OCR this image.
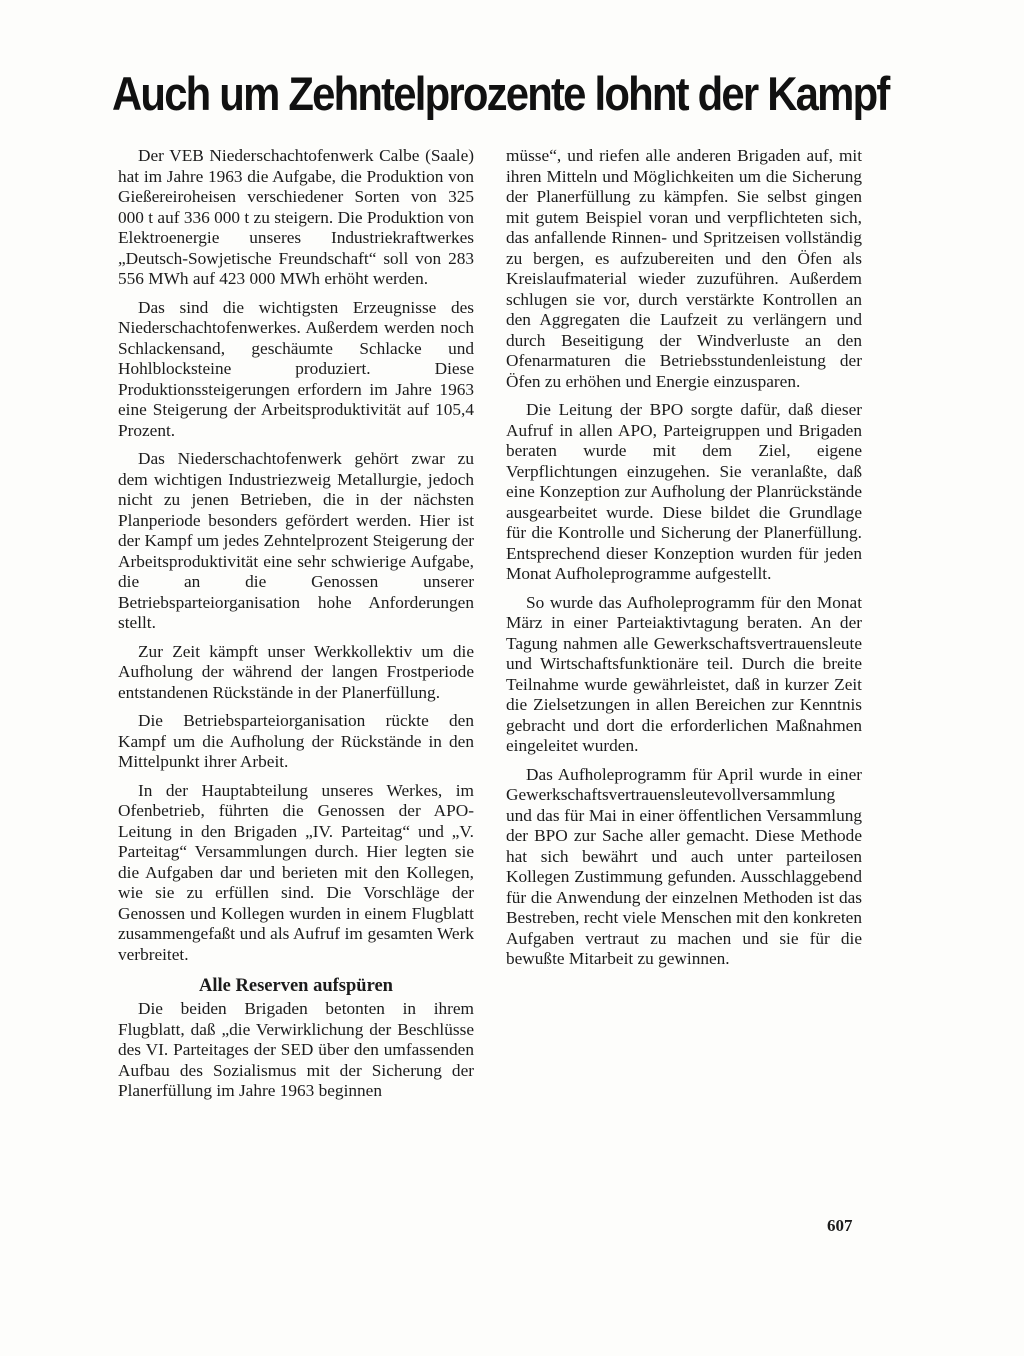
Auch um Zehntelprozente lohnt der Kampf

Der VEB Niederschachtofenwerk Calbe (Saale) hat im Jahre 1963 die Aufgabe, die Produktion von Gießereiroheisen verschiedener Sorten von 325 000 t auf 336 000 t zu steigern. Die Produktion von Elektroenergie unseres Industriekraftwerkes „Deutsch-Sowjetische Freundschaft“ soll von 283 556 MWh auf 423 000 MWh erhöht werden.

Das sind die wichtigsten Erzeugnisse des Niederschachtofenwerkes. Außerdem werden noch Schlackensand, geschäumte Schlacke und Hohlblocksteine produziert. Diese Produktionssteigerungen erfordern im Jahre 1963 eine Steigerung der Arbeitsproduktivität auf 105,4 Prozent.

Das Niederschachtofenwerk gehört zwar zu dem wichtigen Industriezweig Metallurgie, jedoch nicht zu jenen Betrieben, die in der nächsten Planperiode besonders gefördert werden. Hier ist der Kampf um jedes Zehntelprozent Steigerung der Arbeitsproduktivität eine sehr schwierige Aufgabe, die an die Genossen unserer Betriebsparteiorganisation hohe Anforderungen stellt.

Zur Zeit kämpft unser Werkkollektiv um die Aufholung der während der langen Frostperiode entstandenen Rückstände in der Planerfüllung.

Die Betriebsparteiorganisation rückte den Kampf um die Aufholung der Rückstände in den Mittelpunkt ihrer Arbeit.

In der Hauptabteilung unseres Werkes, im Ofenbetrieb, führten die Genossen der APO-Leitung in den Brigaden „IV. Parteitag“ und „V. Parteitag“ Versammlungen durch. Hier legten sie die Aufgaben dar und berieten mit den Kollegen, wie sie zu erfüllen sind. Die Vorschläge der Genossen und Kollegen wurden in einem Flugblatt zusammengefaßt und als Aufruf im gesamten Werk verbreitet.

Alle Reserven aufspüren

Die beiden Brigaden betonten in ihrem Flugblatt, daß „die Verwirklichung der Beschlüsse des VI. Parteitages der SED über den umfassenden Aufbau des Sozialismus mit der Sicherung der Planerfüllung im Jahre 1963 beginnen

müsse“, und riefen alle anderen Brigaden auf, mit ihren Mitteln und Möglichkeiten um die Sicherung der Planerfüllung zu kämpfen. Sie selbst gingen mit gutem Beispiel voran und verpflichteten sich, das anfallende Rinnen- und Spritzeisen vollständig zu bergen, es aufzubereiten und den Öfen als Kreislaufmaterial wieder zuzuführen. Außerdem schlugen sie vor, durch verstärkte Kontrollen an den Aggregaten die Laufzeit zu verlängern und durch Beseitigung der Windverluste an den Ofenarmaturen die Betriebsstundenleistung der Öfen zu erhöhen und Energie einzusparen.

Die Leitung der BPO sorgte dafür, daß dieser Aufruf in allen APO, Parteigruppen und Brigaden beraten wurde mit dem Ziel, eigene Verpflichtungen einzugehen. Sie veranlaßte, daß eine Konzeption zur Aufholung der Planrückstände ausgearbeitet wurde. Diese bildet die Grundlage für die Kontrolle und Sicherung der Planerfüllung. Entsprechend dieser Konzeption wurden für jeden Monat Aufholeprogramme aufgestellt.

So wurde das Aufholeprogramm für den Monat März in einer Parteiaktivtagung beraten. An der Tagung nahmen alle Gewerkschaftsvertrauensleute und Wirtschaftsfunktionäre teil. Durch die breite Teilnahme wurde gewährleistet, daß in kurzer Zeit die Zielsetzungen in allen Bereichen zur Kenntnis gebracht und dort die erforderlichen Maßnahmen eingeleitet wurden.

Das Aufholeprogramm für April wurde in einer Gewerkschaftsvertrauensleutevollversammlung und das für Mai in einer öffentlichen Versammlung der BPO zur Sache aller gemacht. Diese Methode hat sich bewährt und auch unter parteilosen Kollegen Zustimmung gefunden. Ausschlaggebend für die Anwendung der einzelnen Methoden ist das Bestreben, recht viele Menschen mit den konkreten Aufgaben vertraut zu machen und sie für die bewußte Mitarbeit zu gewinnen.

607
